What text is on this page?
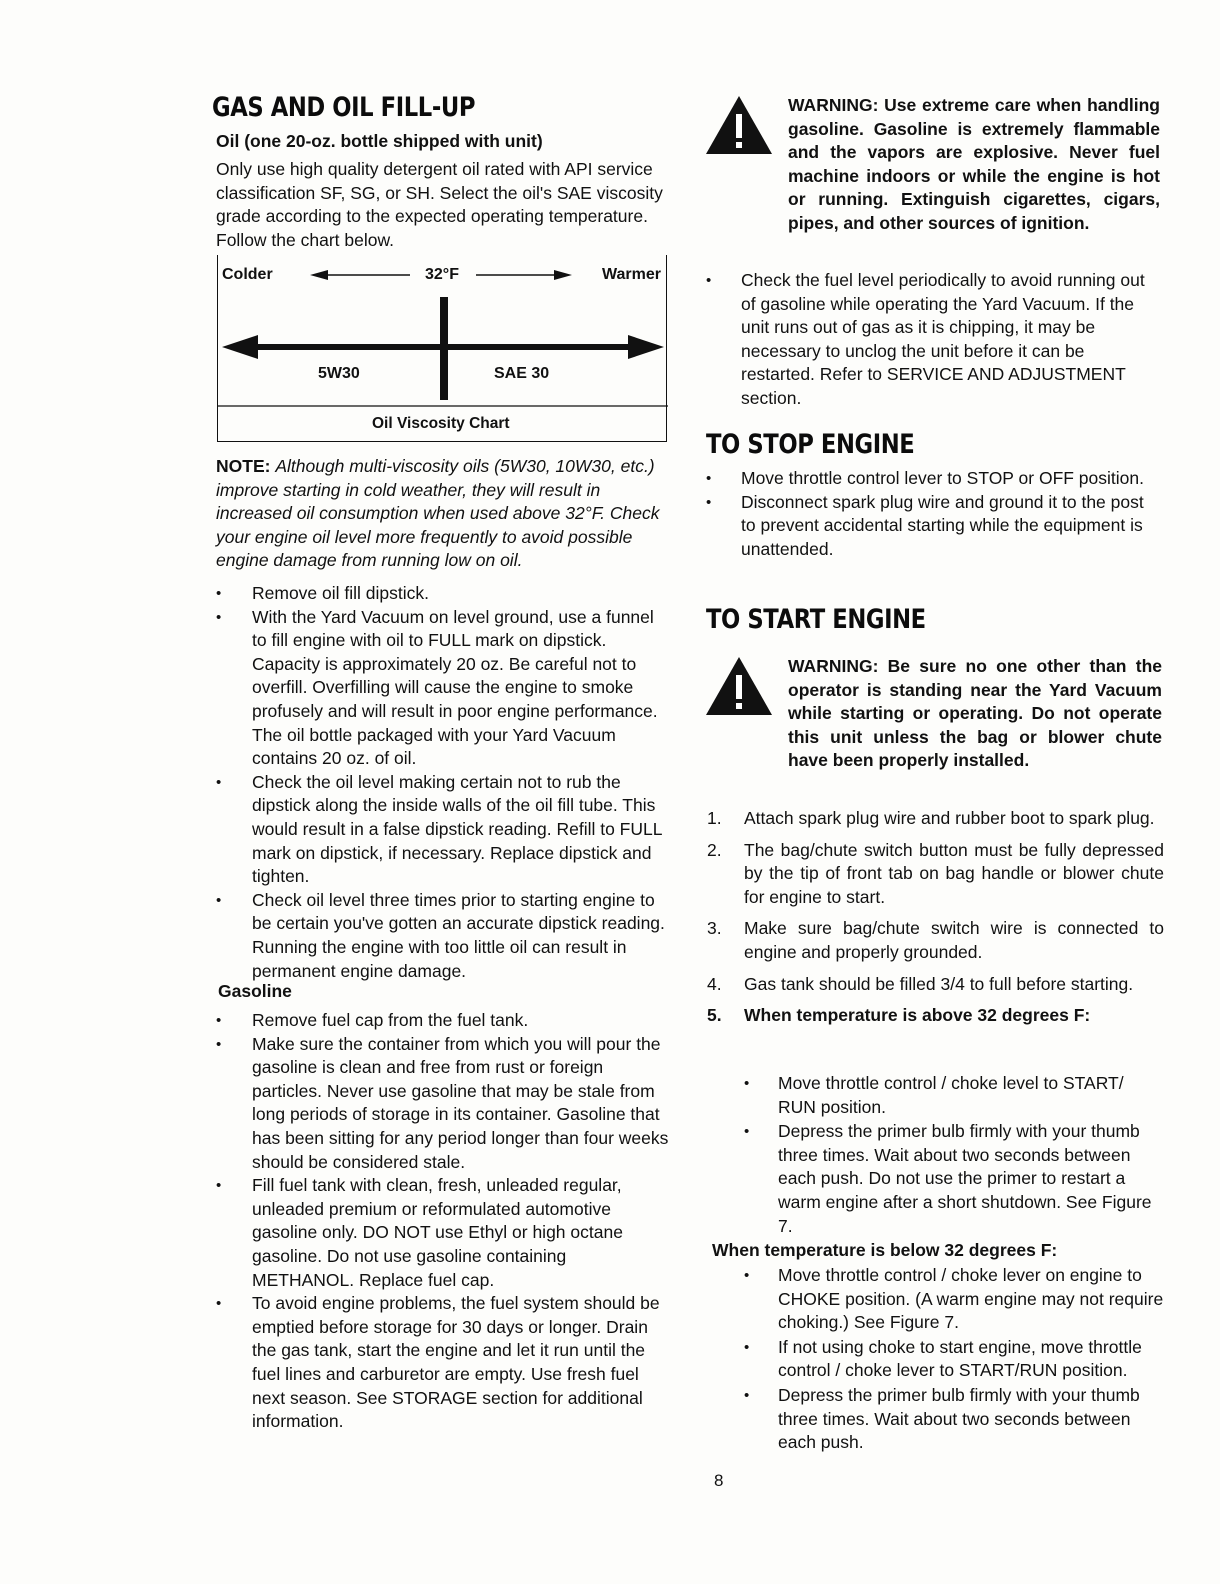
GAS AND OIL FILL-UP
Oil (one 20-oz. bottle shipped with unit)

Only use high quality detergent oil rated with API service classification SF, SG, or SH. Select the oil's SAE viscosity grade according to the expected operating temperature. Follow the chart below.

Colder	32°F	Warmer
5W30	SAE 30
Oil Viscosity Chart

NOTE: Although multi-viscosity oils (5W30, 10W30, etc.) improve starting in cold weather, they will result in increased oil consumption when used above 32°F. Check your engine oil level more frequently to avoid possible engine damage from running low on oil.

• Remove oil fill dipstick.
• With the Yard Vacuum on level ground, use a funnel to fill engine with oil to FULL mark on dipstick. Capacity is approximately 20 oz. Be careful not to overfill. Overfilling will cause the engine to smoke profusely and will result in poor engine performance. The oil bottle packaged with your Yard Vacuum contains 20 oz. of oil.
• Check the oil level making certain not to rub the dipstick along the inside walls of the oil fill tube. This would result in a false dipstick reading. Refill to FULL mark on dipstick, if necessary. Replace dipstick and tighten.
• Check oil level three times prior to starting engine to be certain you've gotten an accurate dipstick reading. Running the engine with too little oil can result in permanent engine damage.
Gasoline
• Remove fuel cap from the fuel tank.
• Make sure the container from which you will pour the gasoline is clean and free from rust or foreign particles. Never use gasoline that may be stale from long periods of storage in its container. Gasoline that has been sitting for any period longer than four weeks should be considered stale.
• Fill fuel tank with clean, fresh, unleaded regular, unleaded premium or reformulated automotive gasoline only. DO NOT use Ethyl or high octane gasoline. Do not use gasoline containing METHANOL. Replace fuel cap.
• To avoid engine problems, the fuel system should be emptied before storage for 30 days or longer. Drain the gas tank, start the engine and let it run until the fuel lines and carburetor are empty. Use fresh fuel next season. See STORAGE section for additional information.

WARNING: Use extreme care when handling gasoline. Gasoline is extremely flammable and the vapors are explosive. Never fuel machine indoors or while the engine is hot or running. Extinguish cigarettes, cigars, pipes, and other sources of ignition.

• Check the fuel level periodically to avoid running out of gasoline while operating the Yard Vacuum. If the unit runs out of gas as it is chipping, it may be necessary to unclog the unit before it can be restarted. Refer to SERVICE AND ADJUSTMENT section.
TO STOP ENGINE
• Move throttle control lever to STOP or OFF position.
• Disconnect spark plug wire and ground it to the post to prevent accidental starting while the equipment is unattended.
TO START ENGINE

WARNING: Be sure no one other than the operator is standing near the Yard Vacuum while starting or operating. Do not operate this unit unless the bag or blower chute have been properly installed.

1. Attach spark plug wire and rubber boot to spark plug.
2. The bag/chute switch button must be fully depressed by the tip of front tab on bag handle or blower chute for engine to start.
3. Make sure bag/chute switch wire is connected to engine and properly grounded.
4. Gas tank should be filled 3/4 to full before starting.
5. When temperature is above 32 degrees F:
• Move throttle control / choke level to START/ RUN position.
• Depress the primer bulb firmly with your thumb three times. Wait about two seconds between each push. Do not use the primer to restart a warm engine after a short shutdown. See Figure 7.
When temperature is below 32 degrees F:
• Move throttle control / choke lever on engine to CHOKE position. (A warm engine may not require choking.) See Figure 7.
• If not using choke to start engine, move throttle control / choke lever to START/RUN position.
• Depress the primer bulb firmly with your thumb three times. Wait about two seconds between each push.
8
